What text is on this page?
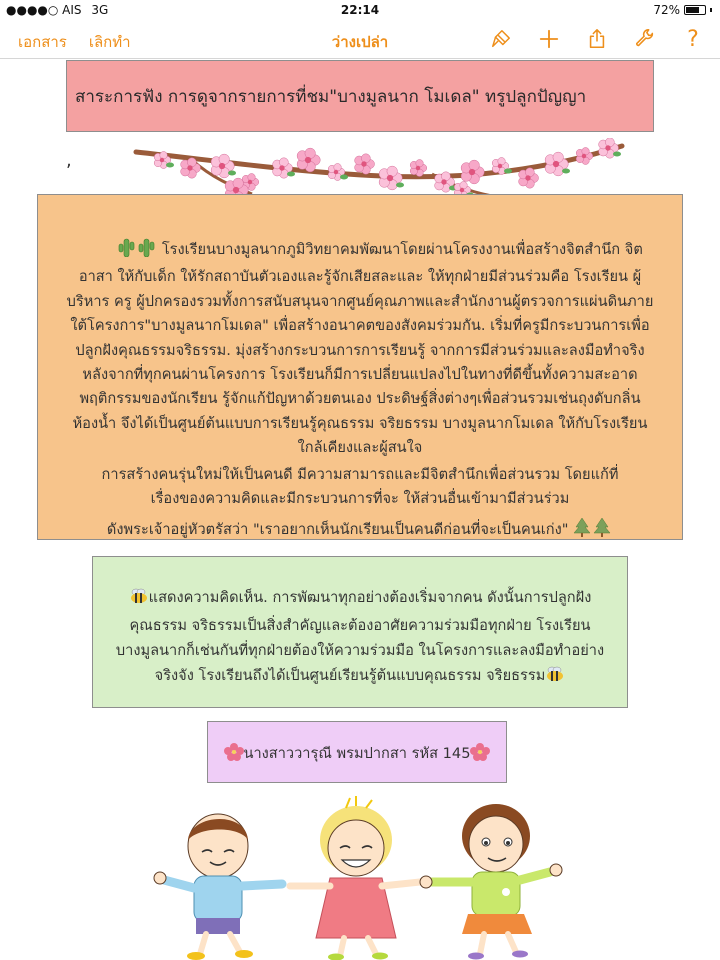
●●●●○ AIS 3G	22:14	72%
เอกสาร เลิกทำ	ว่างเปล่า	?
สาระการฟัง การดูจากรายการที่ชม"บางมูลนาก โมเดล" ทรูปลูกปัญญา
,
โรงเรียนบางมูลนากภูมิวิทยาคมพัฒนาโดยผ่านโครงงานเพื่อสร้างจิตสำนึก จิต
อาสา ให้กับเด็ก ให้รักสถาบันตัวเองและรู้จักเสียสละและ ให้ทุกฝ่ายมีส่วนร่วมคือ โรงเรียน ผู้
บริหาร ครู ผู้ปกครองรวมทั้งการสนับสนุนจากศูนย์คุณภาพและสำนักงานผู้ตรวจการแผ่นดินภาย
ใต้โครงการ"บางมูลนากโมเดล" เพื่อสร้างอนาคตของสังคมร่วมกัน. เริ่มที่ครูมีกระบวนการเพื่อ
ปลูกฝังคุณธรรมจริธรรม. มุ่งสร้างกระบวนการการเรียนรู้ จากการมีส่วนร่วมและลงมือทำจริง
หลังจากที่ทุกคนผ่านโครงการ โรงเรียนก็มีการเปลี่ยนแปลงไปในทางที่ดีขึ้นทั้งความสะอาด
พฤติกรรมของนักเรียน รู้จักแก้ปัญหาด้วยตนเอง ประดิษฐ์สิ่งต่างๆเพื่อส่วนรวมเช่นถุงดับกลิ่น
ห้องน้ำ จึงได้เป็นศูนย์ต้นแบบการเรียนรู้คุณธรรม จริยธรรม บางมูลนากโมเดล ให้กับโรงเรียน
ใกล้เคียงและผู้สนใจ
การสร้างคนรุ่นใหม่ให้เป็นคนดี มีความสามารถและมีจิตสำนึกเพื่อส่วนรวม โดยแก้ที่
เรื่องของความคิดและมีกระบวนการที่จะ ให้ส่วนอื่นเข้ามามีส่วนร่วม
ดังพระเจ้าอยู่หัวตรัสว่า "เราอยากเห็นนักเรียนเป็นคนดีก่อนที่จะเป็นคนเก่ง"
แสดงความคิดเห็น. การพัฒนาทุกอย่างต้องเริ่มจากคน ดังนั้นการปลูกฝัง
คุณธรรม จริธรรมเป็นสิ่งสำคัญและต้องอาศัยความร่วมมือทุกฝ่าย โรงเรียน
บางมูลนากก็เช่นกันที่ทุกฝ่ายต้องให้ความร่วมมือ ในโครงการและลงมือทำอย่าง
จริงจัง โรงเรียนถึงได้เป็นศูนย์เรียนรู้ต้นแบบคุณธรรม จริยธรรม
นางสาววารุณี พรมปากสา รหัส 145
